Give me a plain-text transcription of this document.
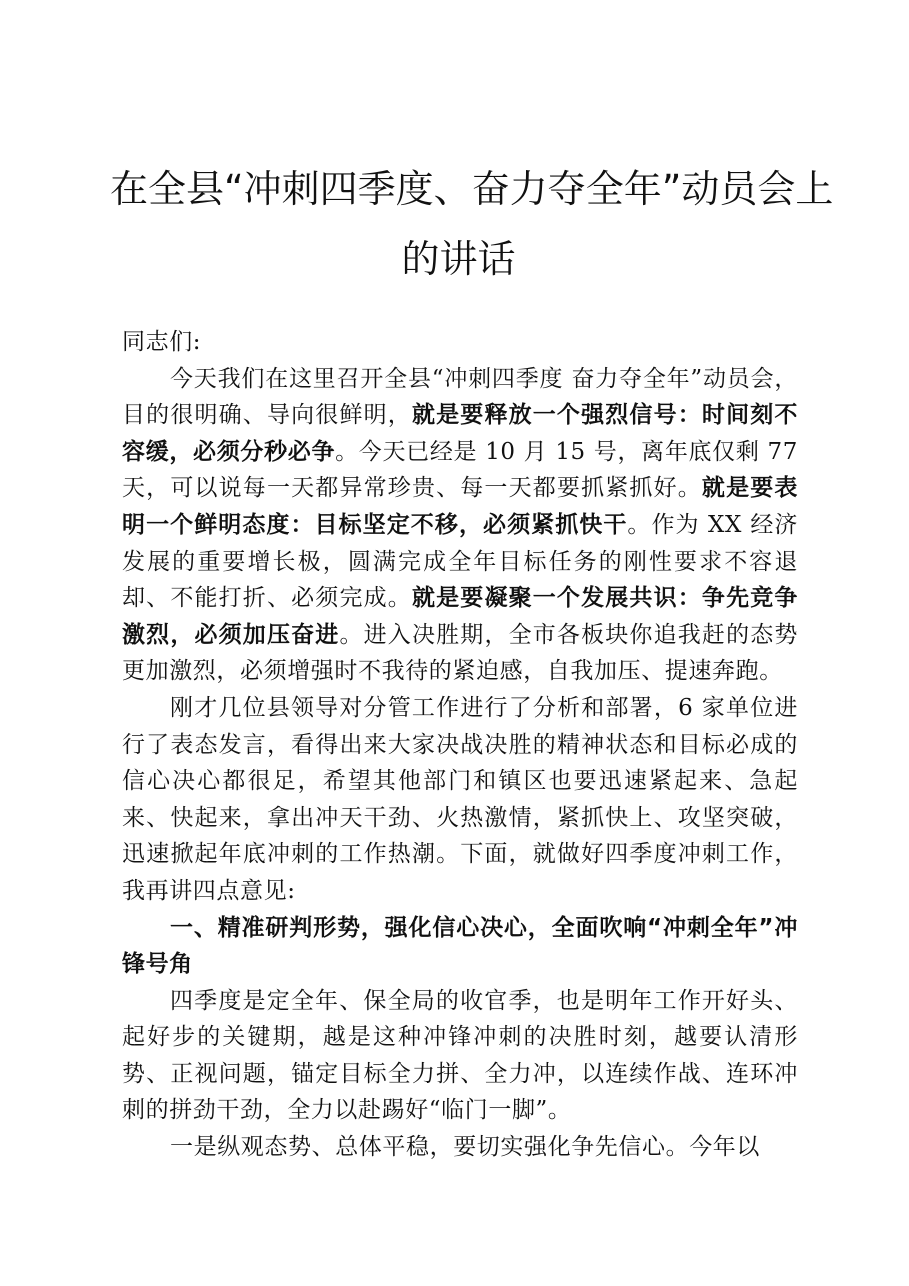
在全县“冲刺四季度、奋力夺全年”动员会上
的讲话

同志们:

今天我们在这里召开全县“冲刺四季度 奋力夺全年”动员会，目的很明确、导向很鲜明，就是要释放一个强烈信号：时间刻不容缓，必须分秒必争。今天已经是 10 月 15 号，离年底仅剩 77 天，可以说每一天都异常珍贵、每一天都要抓紧抓好。就是要表明一个鲜明态度：目标坚定不移，必须紧抓快干。作为 XX 经济发展的重要增长极，圆满完成全年目标任务的刚性要求不容退却、不能打折、必须完成。就是要凝聚一个发展共识：争先竞争激烈，必须加压奋进。进入决胜期，全市各板块你追我赶的态势更加激烈，必须增强时不我待的紧迫感，自我加压、提速奔跑。

刚才几位县领导对分管工作进行了分析和部署，6 家单位进行了表态发言，看得出来大家决战决胜的精神状态和目标必成的信心决心都很足，希望其他部门和镇区也要迅速紧起来、急起来、快起来，拿出冲天干劲、火热激情，紧抓快上、攻坚突破，迅速掀起年底冲刺的工作热潮。下面，就做好四季度冲刺工作，我再讲四点意见:

一、精准研判形势，强化信心决心，全面吹响“冲刺全年”冲锋号角

四季度是定全年、保全局的收官季，也是明年工作开好头、起好步的关键期，越是这种冲锋冲刺的决胜时刻，越要认清形势、正视问题，锚定目标全力拼、全力冲，以连续作战、连环冲刺的拼劲干劲，全力以赴踢好“临门一脚”。

一是纵观态势、总体平稳，要切实强化争先信心。今年以
